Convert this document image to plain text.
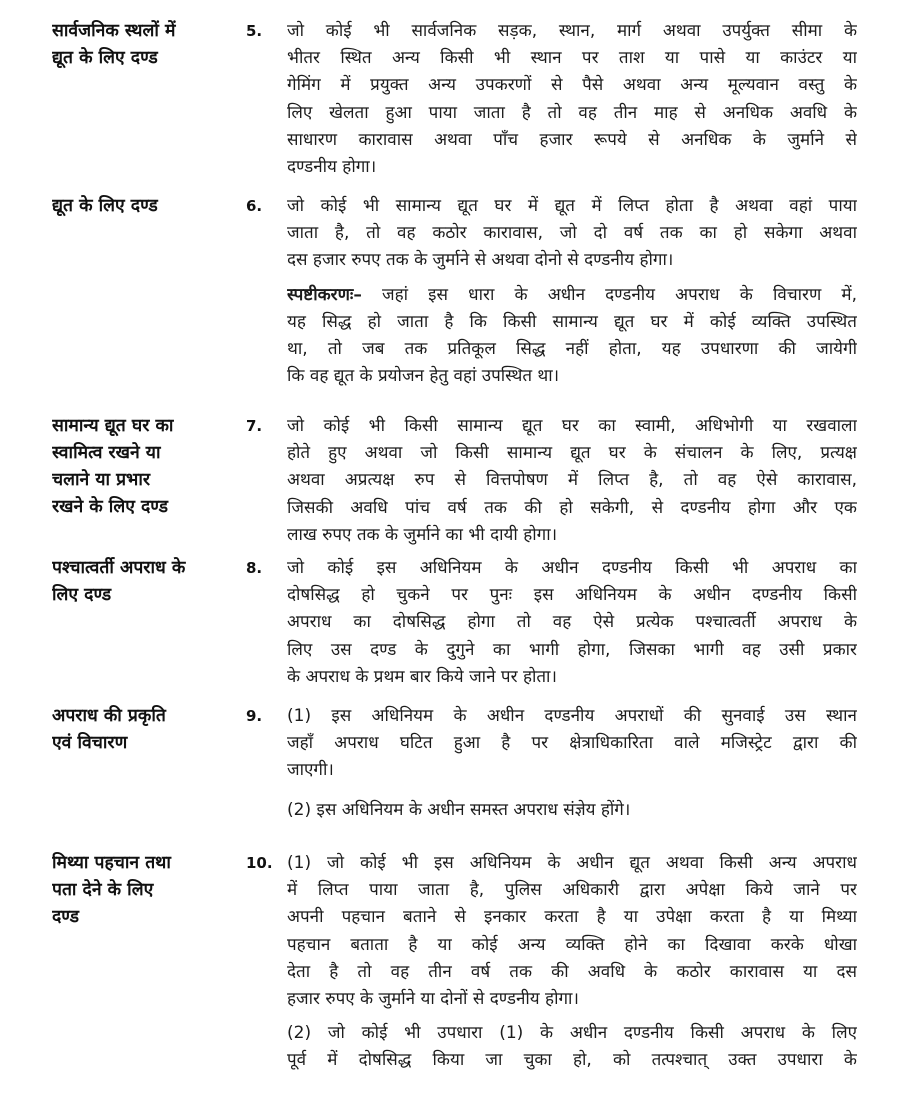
सार्वजनिक स्थलों में
द्यूत के लिए दण्ड
5.	जो कोई भी सार्वजनिक सड़क, स्थान, मार्ग अथवा उपर्युक्त सीमा के
भीतर स्थित अन्य किसी भी स्थान पर ताश या पासे या काउंटर या
गेमिंग में प्रयुक्त अन्य उपकरणों से पैसे अथवा अन्य मूल्यवान वस्तु के
लिए खेलता हुआ पाया जाता है तो वह तीन माह से अनधिक अवधि के
साधारण कारावास अथवा पाँच हजार रूपये से अनधिक के जुर्माने से
दण्डनीय होगा।
द्यूत के लिए दण्ड	6.	जो कोई भी सामान्य द्यूत घर में द्यूत में लिप्त होता है अथवा वहां पाया
जाता है, तो वह कठोर कारावास, जो दो वर्ष तक का हो सकेगा अथवा
दस हजार रुपए तक के जुर्माने से अथवा दोनो से दण्डनीय होगा।
स्पष्टीकरणः– जहां इस धारा के अधीन दण्डनीय अपराध के विचारण में,
यह सिद्ध हो जाता है कि किसी सामान्य द्यूत घर में कोई व्यक्ति उपस्थित
था, तो जब तक प्रतिकूल सिद्ध नहीं होता, यह उपधारणा की जायेगी
कि वह द्यूत के प्रयोजन हेतु वहां उपस्थित था।
सामान्य द्यूत घर का
स्वामित्व रखने या
चलाने या प्रभार
रखने के लिए दण्ड
7.	जो कोई भी किसी सामान्य द्यूत घर का स्वामी, अधिभोगी या रखवाला
होते हुए अथवा जो किसी सामान्य द्यूत घर के संचालन के लिए, प्रत्यक्ष
अथवा अप्रत्यक्ष रुप से वित्तपोषण में लिप्त है, तो वह ऐसे कारावास,
जिसकी अवधि पांच वर्ष तक की हो सकेगी, से दण्डनीय होगा और एक
लाख रुपए तक के जुर्माने का भी दायी होगा।
पश्चात्वर्ती अपराध के
लिए दण्ड
8.	जो कोई इस अधिनियम के अधीन दण्डनीय किसी भी अपराध का
दोषसिद्ध हो चुकने पर पुनः इस अधिनियम के अधीन दण्डनीय किसी
अपराध का दोषसिद्ध होगा तो वह ऐसे प्रत्येक पश्चात्वर्ती अपराध के
लिए उस दण्ड के दुगुने का भागी होगा, जिसका भागी वह उसी प्रकार
के अपराध के प्रथम बार किये जाने पर होता।
अपराध की प्रकृति
एवं विचारण
9.	(1) इस अधिनियम के अधीन दण्डनीय अपराधों की सुनवाई उस स्थान
जहाँ अपराध घटित हुआ है पर क्षेत्राधिकारिता वाले मजिस्ट्रेट द्वारा की
जाएगी।
(2) इस अधिनियम के अधीन समस्त अपराध संज्ञेय होंगे।
मिथ्या पहचान तथा
पता देने के लिए
दण्ड
10. (1) जो कोई भी इस अधिनियम के अधीन द्यूत अथवा किसी अन्य अपराध
में लिप्त पाया जाता है, पुलिस अधिकारी द्वारा अपेक्षा किये जाने पर
अपनी पहचान बताने से इनकार करता है या उपेक्षा करता है या मिथ्या
पहचान बताता है या कोई अन्य व्यक्ति होने का दिखावा करके धोखा
देता है तो वह तीन वर्ष तक की अवधि के कठोर कारावास या दस
हजार रुपए के जुर्माने या दोनों से दण्डनीय होगा।
(2) जो कोई भी उपधारा (1) के अधीन दण्डनीय किसी अपराध के लिए
पूर्व में दोषसिद्ध किया जा चुका हो, को तत्पश्चात् उक्त उपधारा के
